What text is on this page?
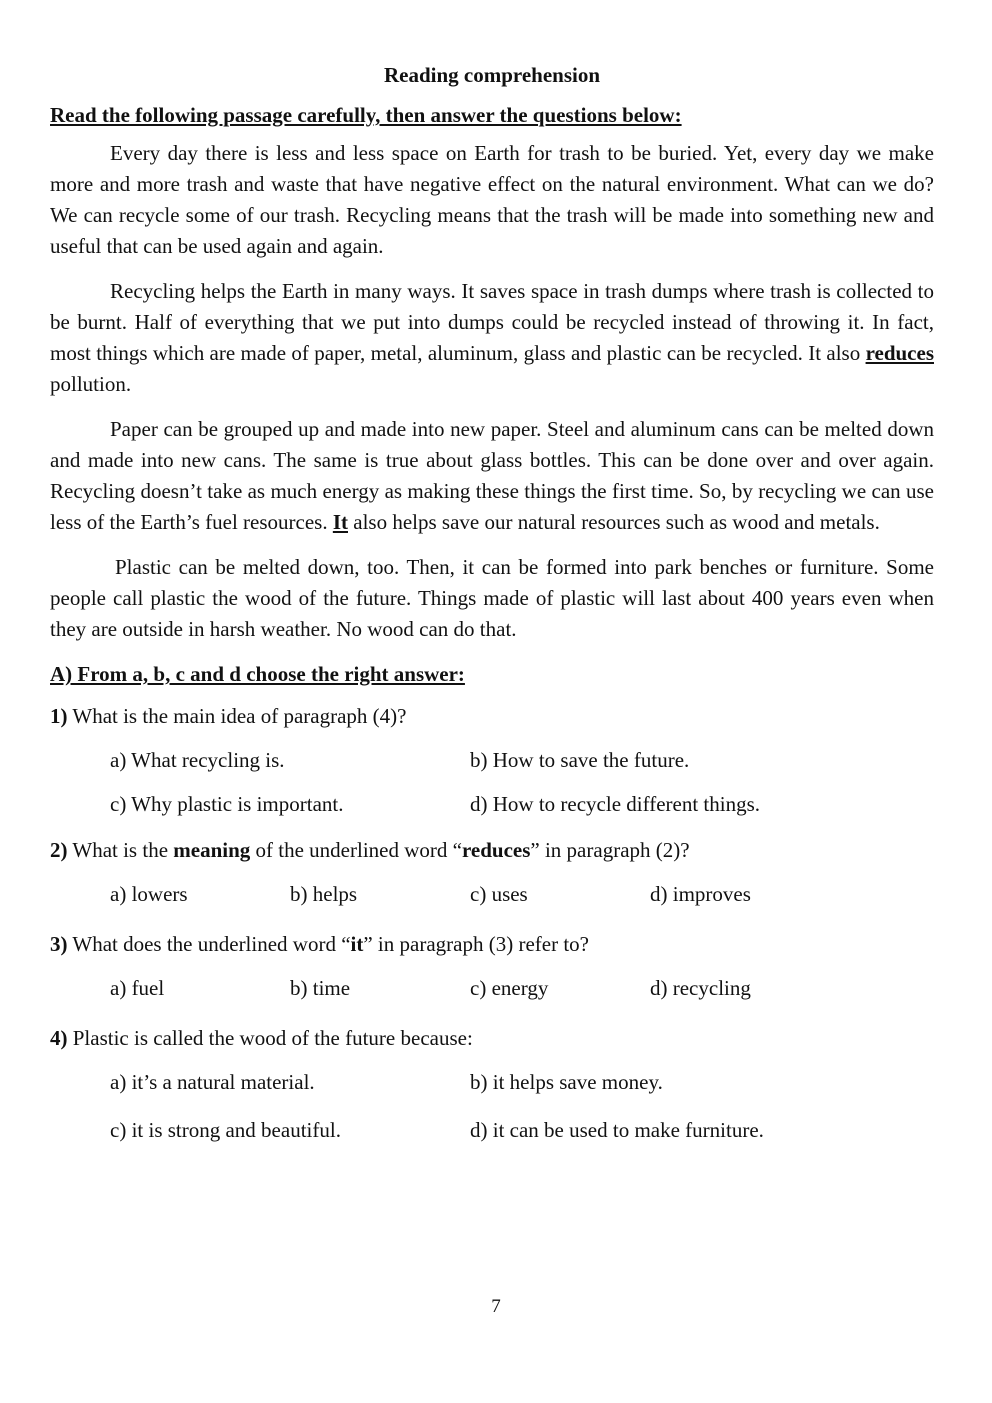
Reading comprehension
Read the following passage carefully, then answer the questions below:

Every day there is less and less space on Earth for trash to be buried. Yet, every day we make more and more trash and waste that have negative effect on the natural environment. What can we do? We can recycle some of our trash. Recycling means that the trash will be made into something new and useful that can be used again and again.

Recycling helps the Earth in many ways. It saves space in trash dumps where trash is collected to be burnt. Half of everything that we put into dumps could be recycled instead of throwing it. In fact, most things which are made of paper, metal, aluminum, glass and plastic can be recycled. It also reduces pollution.

Paper can be grouped up and made into new paper. Steel and aluminum cans can be melted down and made into new cans. The same is true about glass bottles. This can be done over and over again. Recycling doesn’t take as much energy as making these things the first time. So, by recycling we can use less of the Earth’s fuel resources. It also helps save our natural resources such as wood and metals.

Plastic can be melted down, too. Then, it can be formed into park benches or furniture. Some people call plastic the wood of the future. Things made of plastic will last about 400 years even when they are outside in harsh weather. No wood can do that.

A) From a, b, c and d choose the right answer:
1) What is the main idea of paragraph (4)?
a) What recycling is.	b) How to save the future.
c) Why plastic is important.	d) How to recycle different things.
2) What is the meaning of the underlined word “reduces” in paragraph (2)?
a) lowers	b) helps	c) uses	d) improves
3) What does the underlined word “it” in paragraph (3) refer to?
a) fuel	b) time	c) energy	d) recycling
4) Plastic is called the wood of the future because:
a) it’s a natural material.	b) it helps save money.
c) it is strong and beautiful.	d) it can be used to make furniture.
7
